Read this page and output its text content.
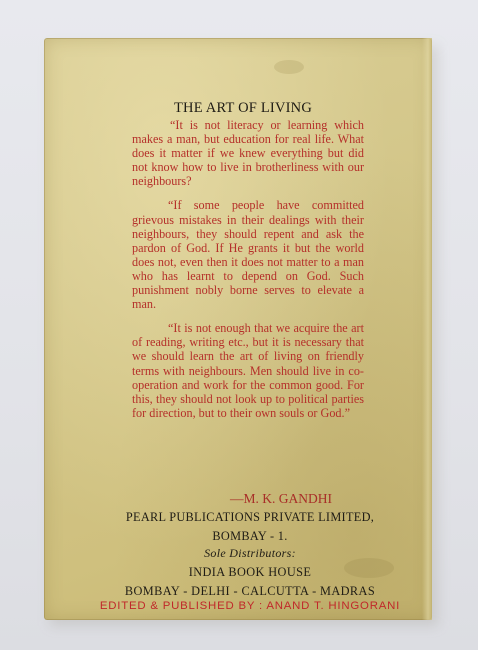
THE ART OF LIVING

“It is not literacy or learning which makes a man, but education for real life. What does it matter if we knew everything but did not know how to live in brotherliness with our neighbours?

“If some people have committed grievous mistakes in their dealings with their neighbours, they should repent and ask the pardon of God. If He grants it but the world does not, even then it does not matter to a man who has learnt to depend on God. Such punishment nobly borne serves to elevate a man.

“It is not enough that we acquire the art of reading, writing etc., but it is necessary that we should learn the art of living on friendly terms with neighbours. Men should live in co-operation and work for the common good. For this, they should not look up to political parties for direction, but to their own souls or God.”

—M. K. GANDHI
PEARL PUBLICATIONS PRIVATE LIMITED,
BOMBAY - 1.
Sole Distributors:
INDIA BOOK HOUSE
BOMBAY - DELHI - CALCUTTA - MADRAS
EDITED & PUBLISHED BY : ANAND T. HINGORANI
